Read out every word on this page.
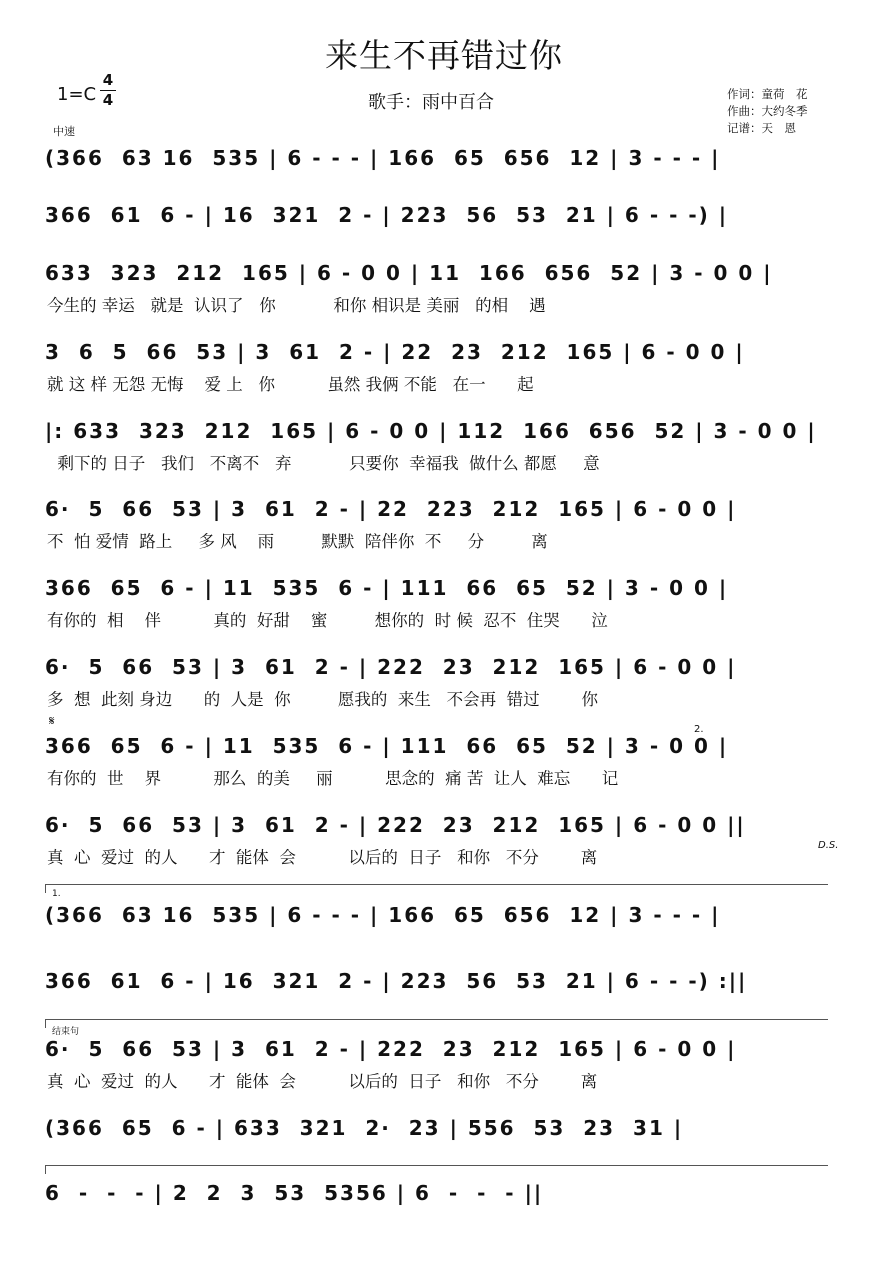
来生不再错过你
1=C
4
4	歌手：雨中百合	作词：童荷　花
作曲：大约冬季
记谱：天　恩
中速
(366  63 16  535 | 6 - - - | 166  65  656  12 | 3 - - - |
366  61  6 - | 16  321  2 - | 223  56  53  21 | 6 - - -) |
633  323  212  165 | 6 - 0 0 | 11  166  656  52 | 3 - 0 0 |
今生的 幸运   就是  认识了   你           和你 相识是 美丽   的相    遇
3  6  5  66  53 | 3  61  2 - | 22  23  212  165 | 6 - 0 0 |
就 这 样 无怨 无悔    爱 上   你          虽然 我俩 不能   在一      起
|: 633  323  212  165 | 6 - 0 0 | 112  166  656  52 | 3 - 0 0 |
剩下的 日子   我们   不离不   弃           只要你  幸福我  做什么 都愿     意
6·  5  66  53 | 3  61  2 - | 22  223  212  165 | 6 - 0 0 |
不  怕 爱情  路上     多 风    雨         默默  陪伴你  不     分         离
366  65  6 - | 11  535  6 - | 111  66  65  52 | 3 - 0 0 |
有你的  相    伴          真的  好甜    蜜         想你的  时 候  忍不  住哭      泣
6·  5  66  53 | 3  61  2 - | 222  23  212  165 | 6 - 0 0 |
多  想  此刻 身边      的  人是  你         愿我的  来生   不会再  错过        你
𝄋
366  65  6 - | 11  535  6 - | 111  66  65  52 | 3 - 0 0 |
有你的  世    界          那么  的美     丽          思念的  痛 苦  让人  难忘      记
2.
6·  5  66  53 | 3  61  2 - | 222  23  212  165 | 6 - 0 0 ||
真  心  爱过  的人      才  能体  会          以后的  日子   和你   不分        离
D.S.
1.
(366  63 16  535 | 6 - - - | 166  65  656  12 | 3 - - - |
366  61  6 - | 16  321  2 - | 223  56  53  21 | 6 - - -) :||
结束句
6·  5  66  53 | 3  61  2 - | 222  23  212  165 | 6 - 0 0 |
真  心  爱过  的人      才  能体  会          以后的  日子   和你   不分        离
(366  65  6 - | 633  321  2·  23 | 556  53  23  31 |
6  -  -  - | 2  2  3  53  5356 | 6  -  -  - ||
